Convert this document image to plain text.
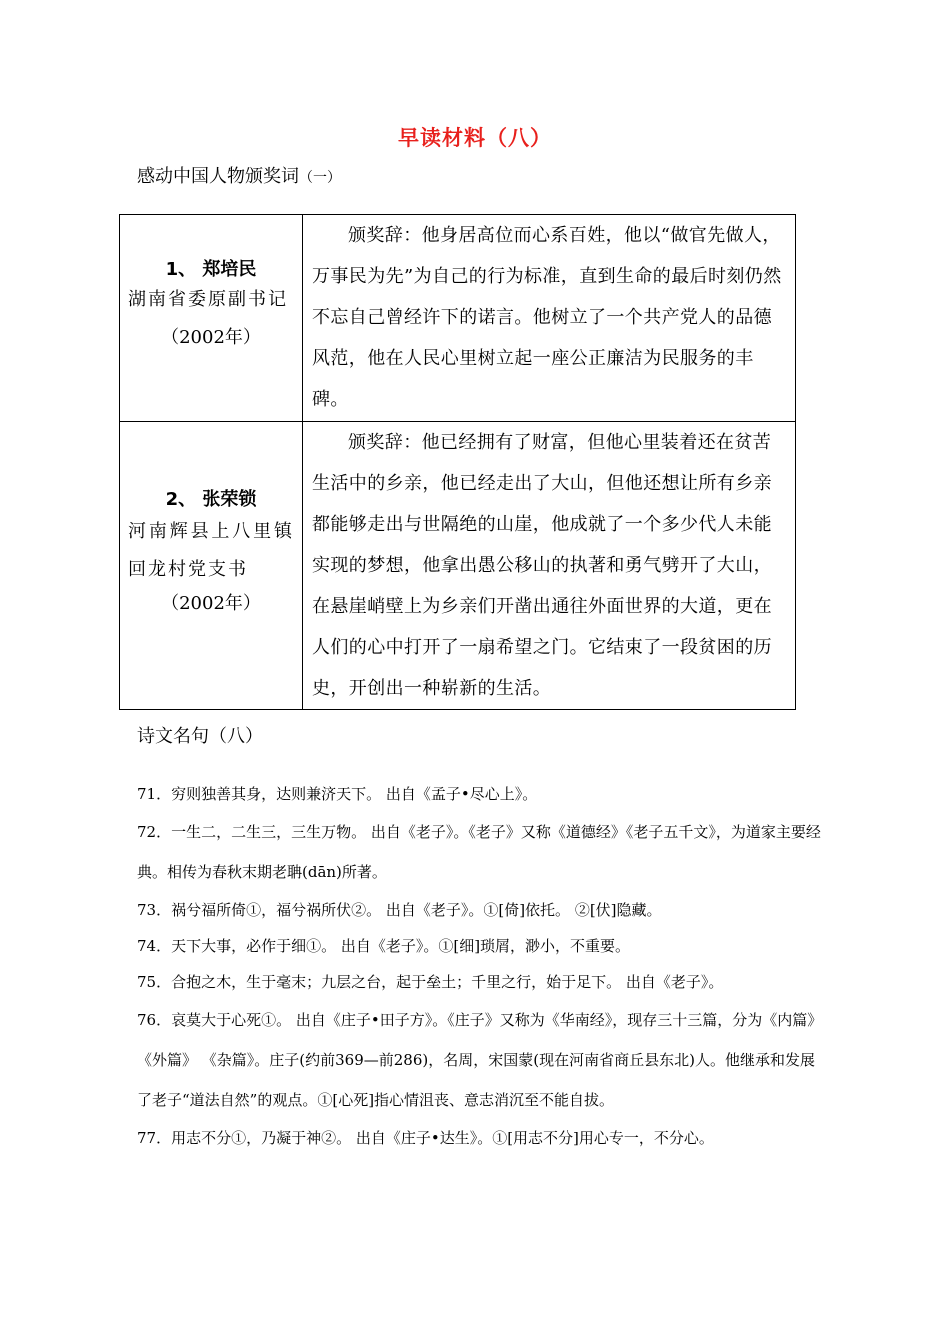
早读材料（八）
感动中国人物颁奖词（一）
1、 郑培民
湖南省委原副书记
（2002年）	颁奖辞：他身居高位而心系百姓，他以“做官先做人，万事民为先”为自己的行为标准，直到生命的最后时刻仍然不忘自己曾经许下的诺言。他树立了一个共产党人的品德风范，他在人民心里树立起一座公正廉洁为民服务的丰碑。

2、 张荣锁
河南辉县上八里镇回龙村党支书
（2002年）	颁奖辞：他已经拥有了财富，但他心里装着还在贫苦生活中的乡亲，他已经走出了大山，但他还想让所有乡亲都能够走出与世隔绝的山崖，他成就了一个多少代人未能实现的梦想，他拿出愚公移山的执著和勇气劈开了大山，在悬崖峭壁上为乡亲们开凿出通往外面世界的大道，更在人们的心中打开了一扇希望之门。它结束了一段贫困的历史，开创出一种崭新的生活。
诗文名句（八）

71．穷则独善其身，达则兼济天下。 出自《孟子•尽心上》。

72．一生二，二生三，三生万物。 出自《老子》。《老子》又称《道德经》《老子五千文》，为道家主要经典。相传为春秋末期老聃(dān)所著。

73．祸兮福所倚①，福兮祸所伏②。 出自《老子》。①[倚]依托。 ②[伏]隐藏。

74．天下大事，必作于细①。 出自《老子》。①[细]琐屑，渺小，不重要。

75．合抱之木，生于毫末；九层之台，起于垒土；千里之行，始于足下。 出自《老子》。

76．哀莫大于心死①。 出自《庄子•田子方》。《庄子》又称为《华南经》，现存三十三篇，分为《内篇》《外篇》 《杂篇》。庄子(约前369—前286)，名周，宋国蒙(现在河南省商丘县东北)人。他继承和发展了老子“道法自然”的观点。①[心死]指心情沮丧、意志消沉至不能自拔。

77．用志不分①，乃凝于神②。 出自《庄子•达生》。①[用志不分]用心专一，不分心。
